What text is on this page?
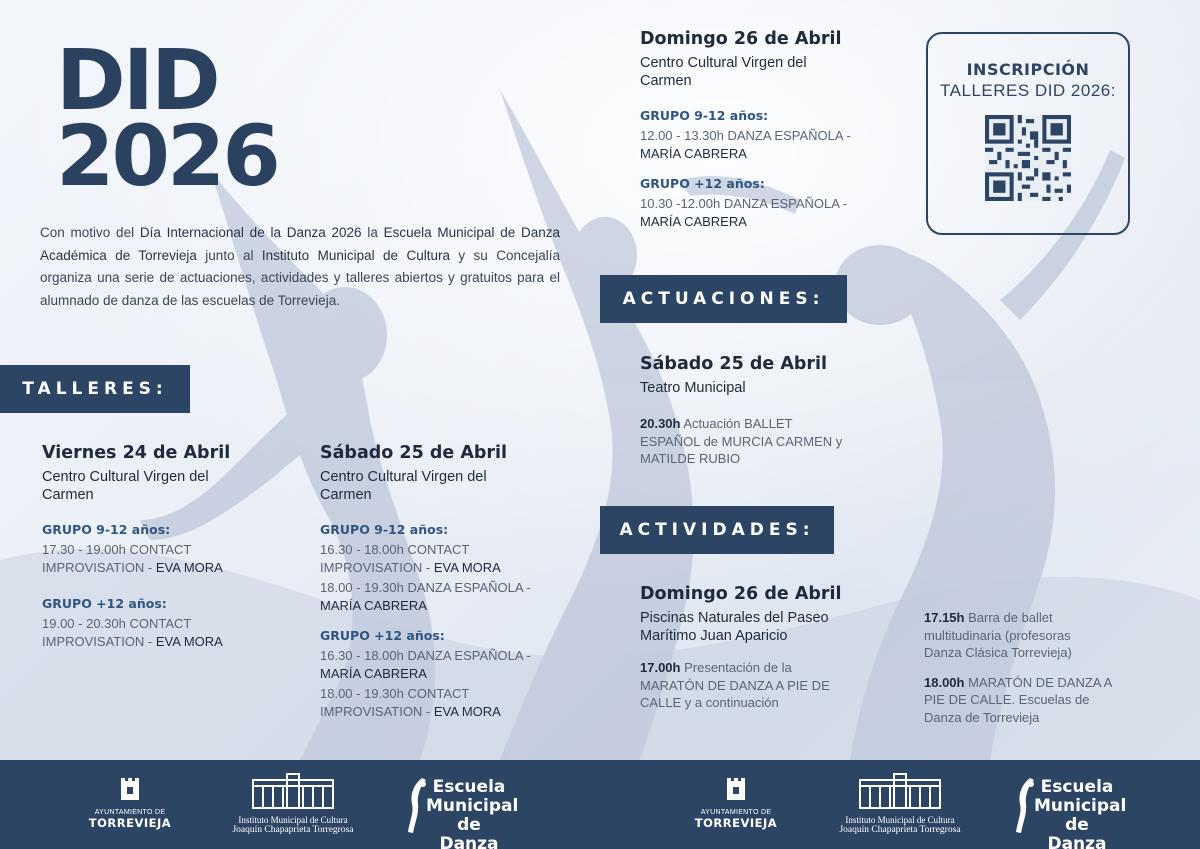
DID
2026

Con motivo del Día Internacional de la Danza 2026 la Escuela Municipal de Danza Académica de Torrevieja junto al Instituto Municipal de Cultura y su Concejalía organiza una serie de actuaciones, actividades y talleres abiertos y gratuitos para el alumnado de danza de las escuelas de Torrevieja.

TALLERES:
ACTUACIONES:
ACTIVIDADES:
Viernes 24 de Abril
Centro Cultural Virgen del
Carmen
GRUPO 9-12 años:
17.30 - 19.00h CONTACT
IMPROVISATION - EVA MORA
GRUPO +12 años:
19.00 - 20.30h CONTACT
IMPROVISATION - EVA MORA
Sábado 25 de Abril
Centro Cultural Virgen del
Carmen
GRUPO 9-12 años:
16.30 - 18.00h CONTACT
IMPROVISATION - EVA MORA
18.00 - 19.30h DANZA ESPAÑOLA -
MARÍA CABRERA
GRUPO +12 años:
16.30 - 18.00h DANZA ESPAÑOLA -
MARÍA CABRERA
18.00 - 19.30h CONTACT
IMPROVISATION - EVA MORA
Domingo 26 de Abril
Centro Cultural Virgen del
Carmen
GRUPO 9-12 años:
12.00 - 13.30h DANZA ESPAÑOLA -
MARÍA CABRERA
GRUPO +12 años:
10.30 -12.00h DANZA ESPAÑOLA -
MARÍA CABRERA
INSCRIPCIÓN
TALLERES DID 2026:
Sábado 25 de Abril
Teatro Municipal
20.30h Actuación BALLET
ESPAÑOL de MURCIA CARMEN y
MATILDE RUBIO
Domingo 26 de Abril
Piscinas Naturales del Paseo
Marítimo Juan Aparicio
17.00h Presentación de la
MARATÓN DE DANZA A PIE DE
CALLE y a continuación
17.15h Barra de ballet
multitudinaria (profesoras
Danza Clásica Torrevieja)
18.00h MARATÓN DE DANZA A
PIE DE CALLE. Escuelas de
Danza de Torrevieja
AYUNTAMIENTO DE
TORREVIEJA	Instituto Municipal de Cultura
Joaquín Chapaprieta Torregrosa
Escuela
Municipal
de Danza
AYUNTAMIENTO DE
TORREVIEJA	Instituto Municipal de Cultura
Joaquín Chapaprieta Torregrosa
Escuela
Municipal
de Danza
